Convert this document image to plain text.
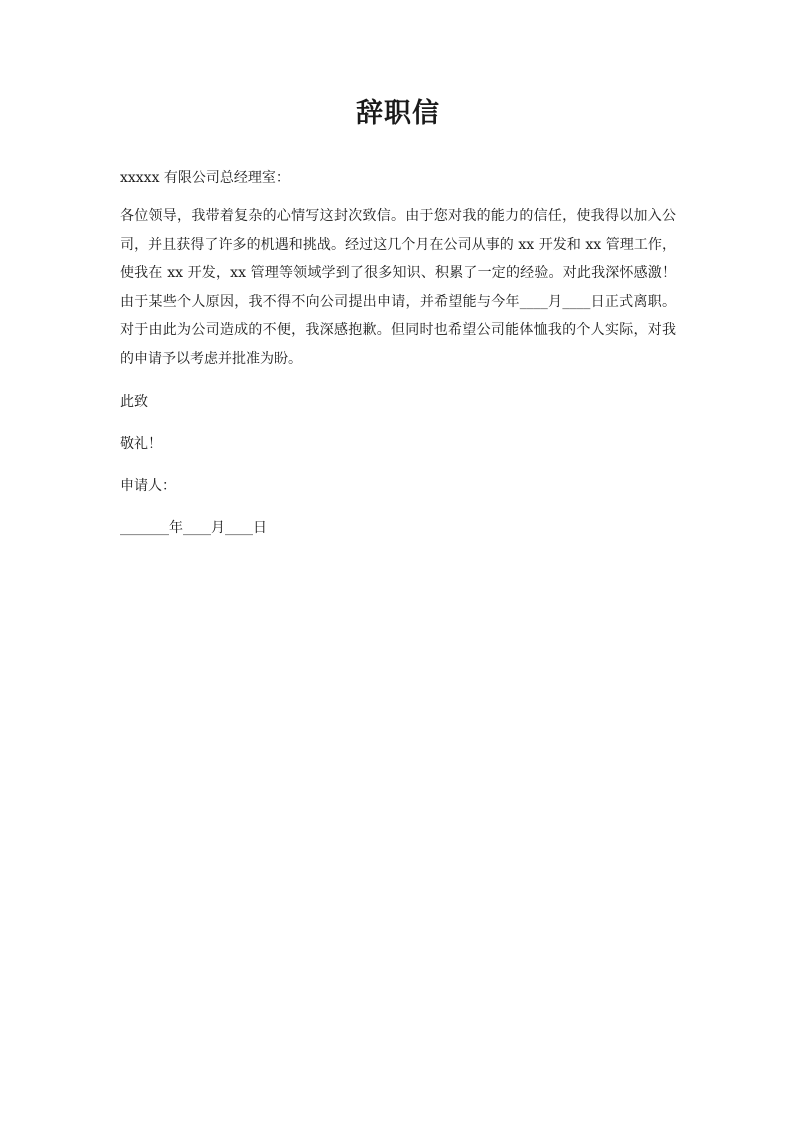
辞职信
xxxxx 有限公司总经理室：
各位领导，我带着复杂的心情写这封次致信。由于您对我的能力的信任，使我得以加入公司，并且获得了许多的机遇和挑战。经过这几个月在公司从事的 xx 开发和 xx 管理工作，使我在 xx 开发，xx 管理等领域学到了很多知识、积累了一定的经验。对此我深怀感激！由于某些个人原因，我不得不向公司提出申请，并希望能与今年____月____日正式离职。对于由此为公司造成的不便，我深感抱歉。但同时也希望公司能体恤我的个人实际，对我的申请予以考虑并批准为盼。
此致
敬礼！
申请人：
_______年____月____日
